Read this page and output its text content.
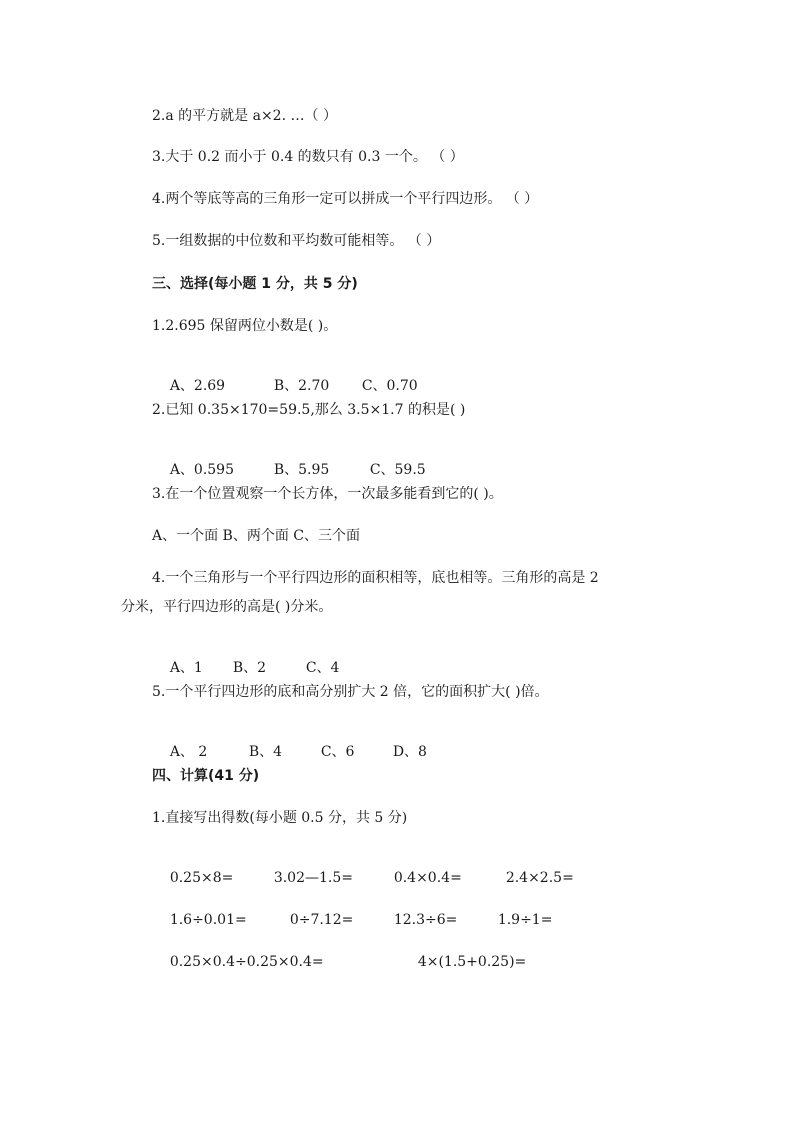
2.a 的平方就是 a×2. …（ ）
3.大于 0.2 而小于 0.4 的数只有 0.3 一个。 （ ）
4.两个等底等高的三角形一定可以拼成一个平行四边形。 （ ）
5.一组数据的中位数和平均数可能相等。 （ ）
三、选择(每小题 1 分，共 5 分)
1.2.695 保留两位小数是( )。

A、2.69	B、2.70 C、0.70

2.已知 0.35×170=59.5,那么 3.5×1.7 的积是( )

A、0.595	B、5.95	C、59.5

3.在一个位置观察一个长方体，一次最多能看到它的( )。
A、一个面 B、两个面 C、三个面
4.一个三角形与一个平行四边形的面积相等，底也相等。三角形的高是 2
分米，平行四边形的高是( )分米。

A、1 B、2	C、4

5.一个平行四边形的底和高分别扩大 2 倍，它的面积扩大( )倍。

A、 2	B、4	C、6	D、8

四、计算(41 分)
1.直接写出得数(每小题 0.5 分，共 5 分)

0.25×8=	3.02—1.5=	0.4×0.4=	2.4×2.5=

1.6÷0.01=	0÷7.12=	12.3÷6=	1.9÷1=

0.25×0.4÷0.25×0.4=	4×(1.5+0.25)=
